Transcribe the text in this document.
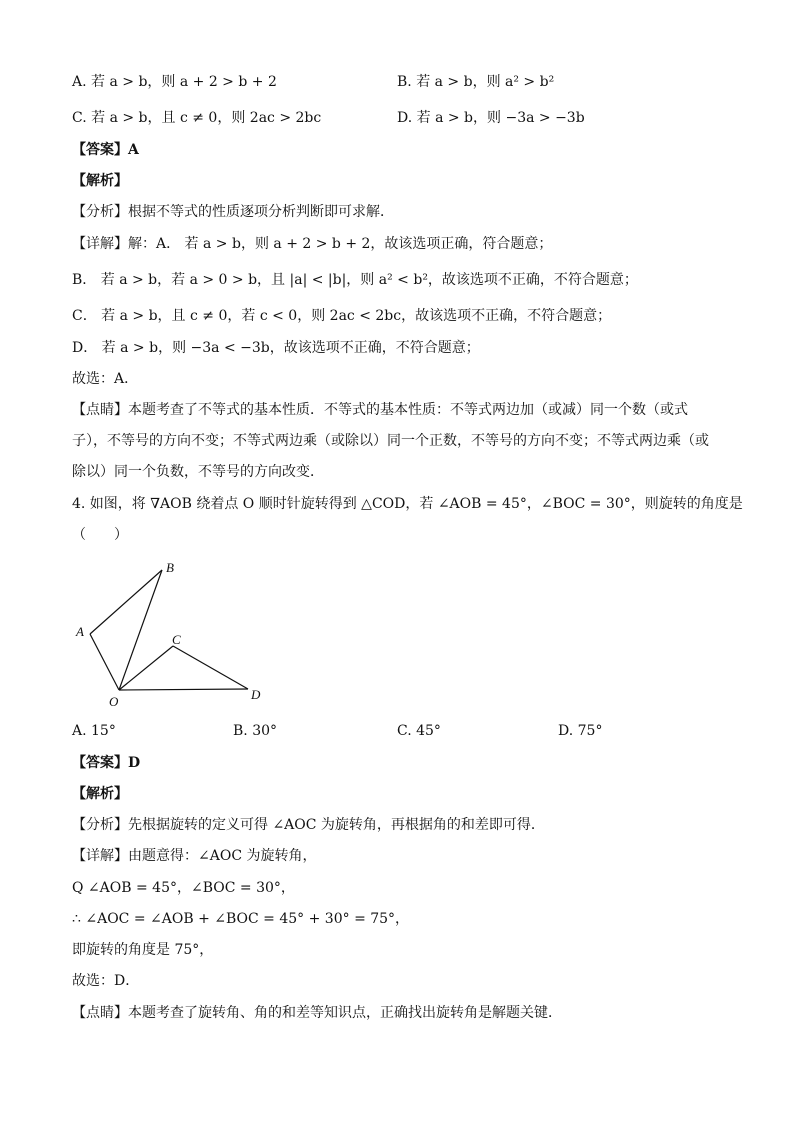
A. 若 a > b，则 a + 2 > b + 2	B. 若 a > b，则 a² > b²
C. 若 a > b，且 c ≠ 0，则 2ac > 2bc	D. 若 a > b，则 −3a > −3b
【答案】A
【解析】
【分析】根据不等式的性质逐项分析判断即可求解．
【详解】解：A． 若 a > b，则 a + 2 > b + 2，故该选项正确，符合题意；
B． 若 a > b，若 a > 0 > b，且 |a| < |b|，则 a² < b²，故该选项不正确，不符合题意；
C． 若 a > b，且 c ≠ 0，若 c < 0，则 2ac < 2bc，故该选项不正确，不符合题意；
D． 若 a > b，则 −3a < −3b，故该选项不正确，不符合题意；
故选：A．
【点睛】本题考查了不等式的基本性质．不等式的基本性质：不等式两边加（或减）同一个数（或式
子），不等号的方向不变；不等式两边乘（或除以）同一个正数，不等号的方向不变；不等式两边乘（或
除以）同一个负数，不等号的方向改变．
4. 如图，将 ∇AOB 绕着点 O 顺时针旋转得到 △COD，若 ∠AOB = 45°，∠BOC = 30°，则旋转的角度是
（　　）
B
A
C
D
O
A. 15°	B. 30°	C. 45°	D. 75°
【答案】D
【解析】
【分析】先根据旋转的定义可得 ∠AOC 为旋转角，再根据角的和差即可得．
【详解】由题意得：∠AOC 为旋转角，
Q ∠AOB = 45°，∠BOC = 30°，
∴ ∠AOC = ∠AOB + ∠BOC = 45° + 30° = 75°，
即旋转的角度是 75°，
故选：D．
【点睛】本题考查了旋转角、角的和差等知识点，正确找出旋转角是解题关键．
